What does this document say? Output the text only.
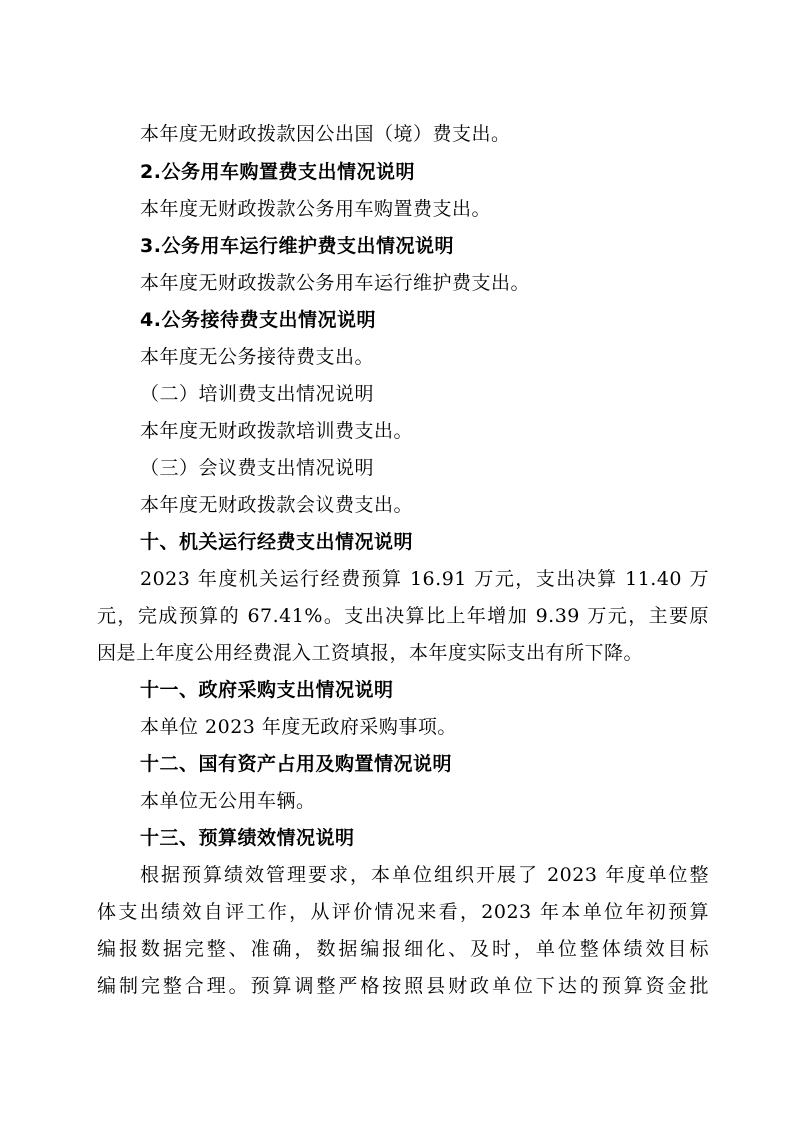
本年度无财政拨款因公出国（境）费支出。
2.公务用车购置费支出情况说明
本年度无财政拨款公务用车购置费支出。
3.公务用车运行维护费支出情况说明
本年度无财政拨款公务用车运行维护费支出。
4.公务接待费支出情况说明
本年度无公务接待费支出。
（二）培训费支出情况说明
本年度无财政拨款培训费支出。
（三）会议费支出情况说明
本年度无财政拨款会议费支出。
十、机关运行经费支出情况说明
2023 年度机关运行经费预算 16.91 万元，支出决算 11.40 万
元，完成预算的 67.41%。支出决算比上年增加 9.39 万元，主要原
因是上年度公用经费混入工资填报，本年度实际支出有所下降。
十一、政府采购支出情况说明
本单位 2023 年度无政府采购事项。
十二、国有资产占用及购置情况说明
本单位无公用车辆。
十三、预算绩效情况说明
根据预算绩效管理要求，本单位组织开展了 2023 年度单位整
体支出绩效自评工作，从评价情况来看，2023 年本单位年初预算
编报数据完整、准确，数据编报细化、及时，单位整体绩效目标
编制完整合理。预算调整严格按照县财政单位下达的预算资金批
